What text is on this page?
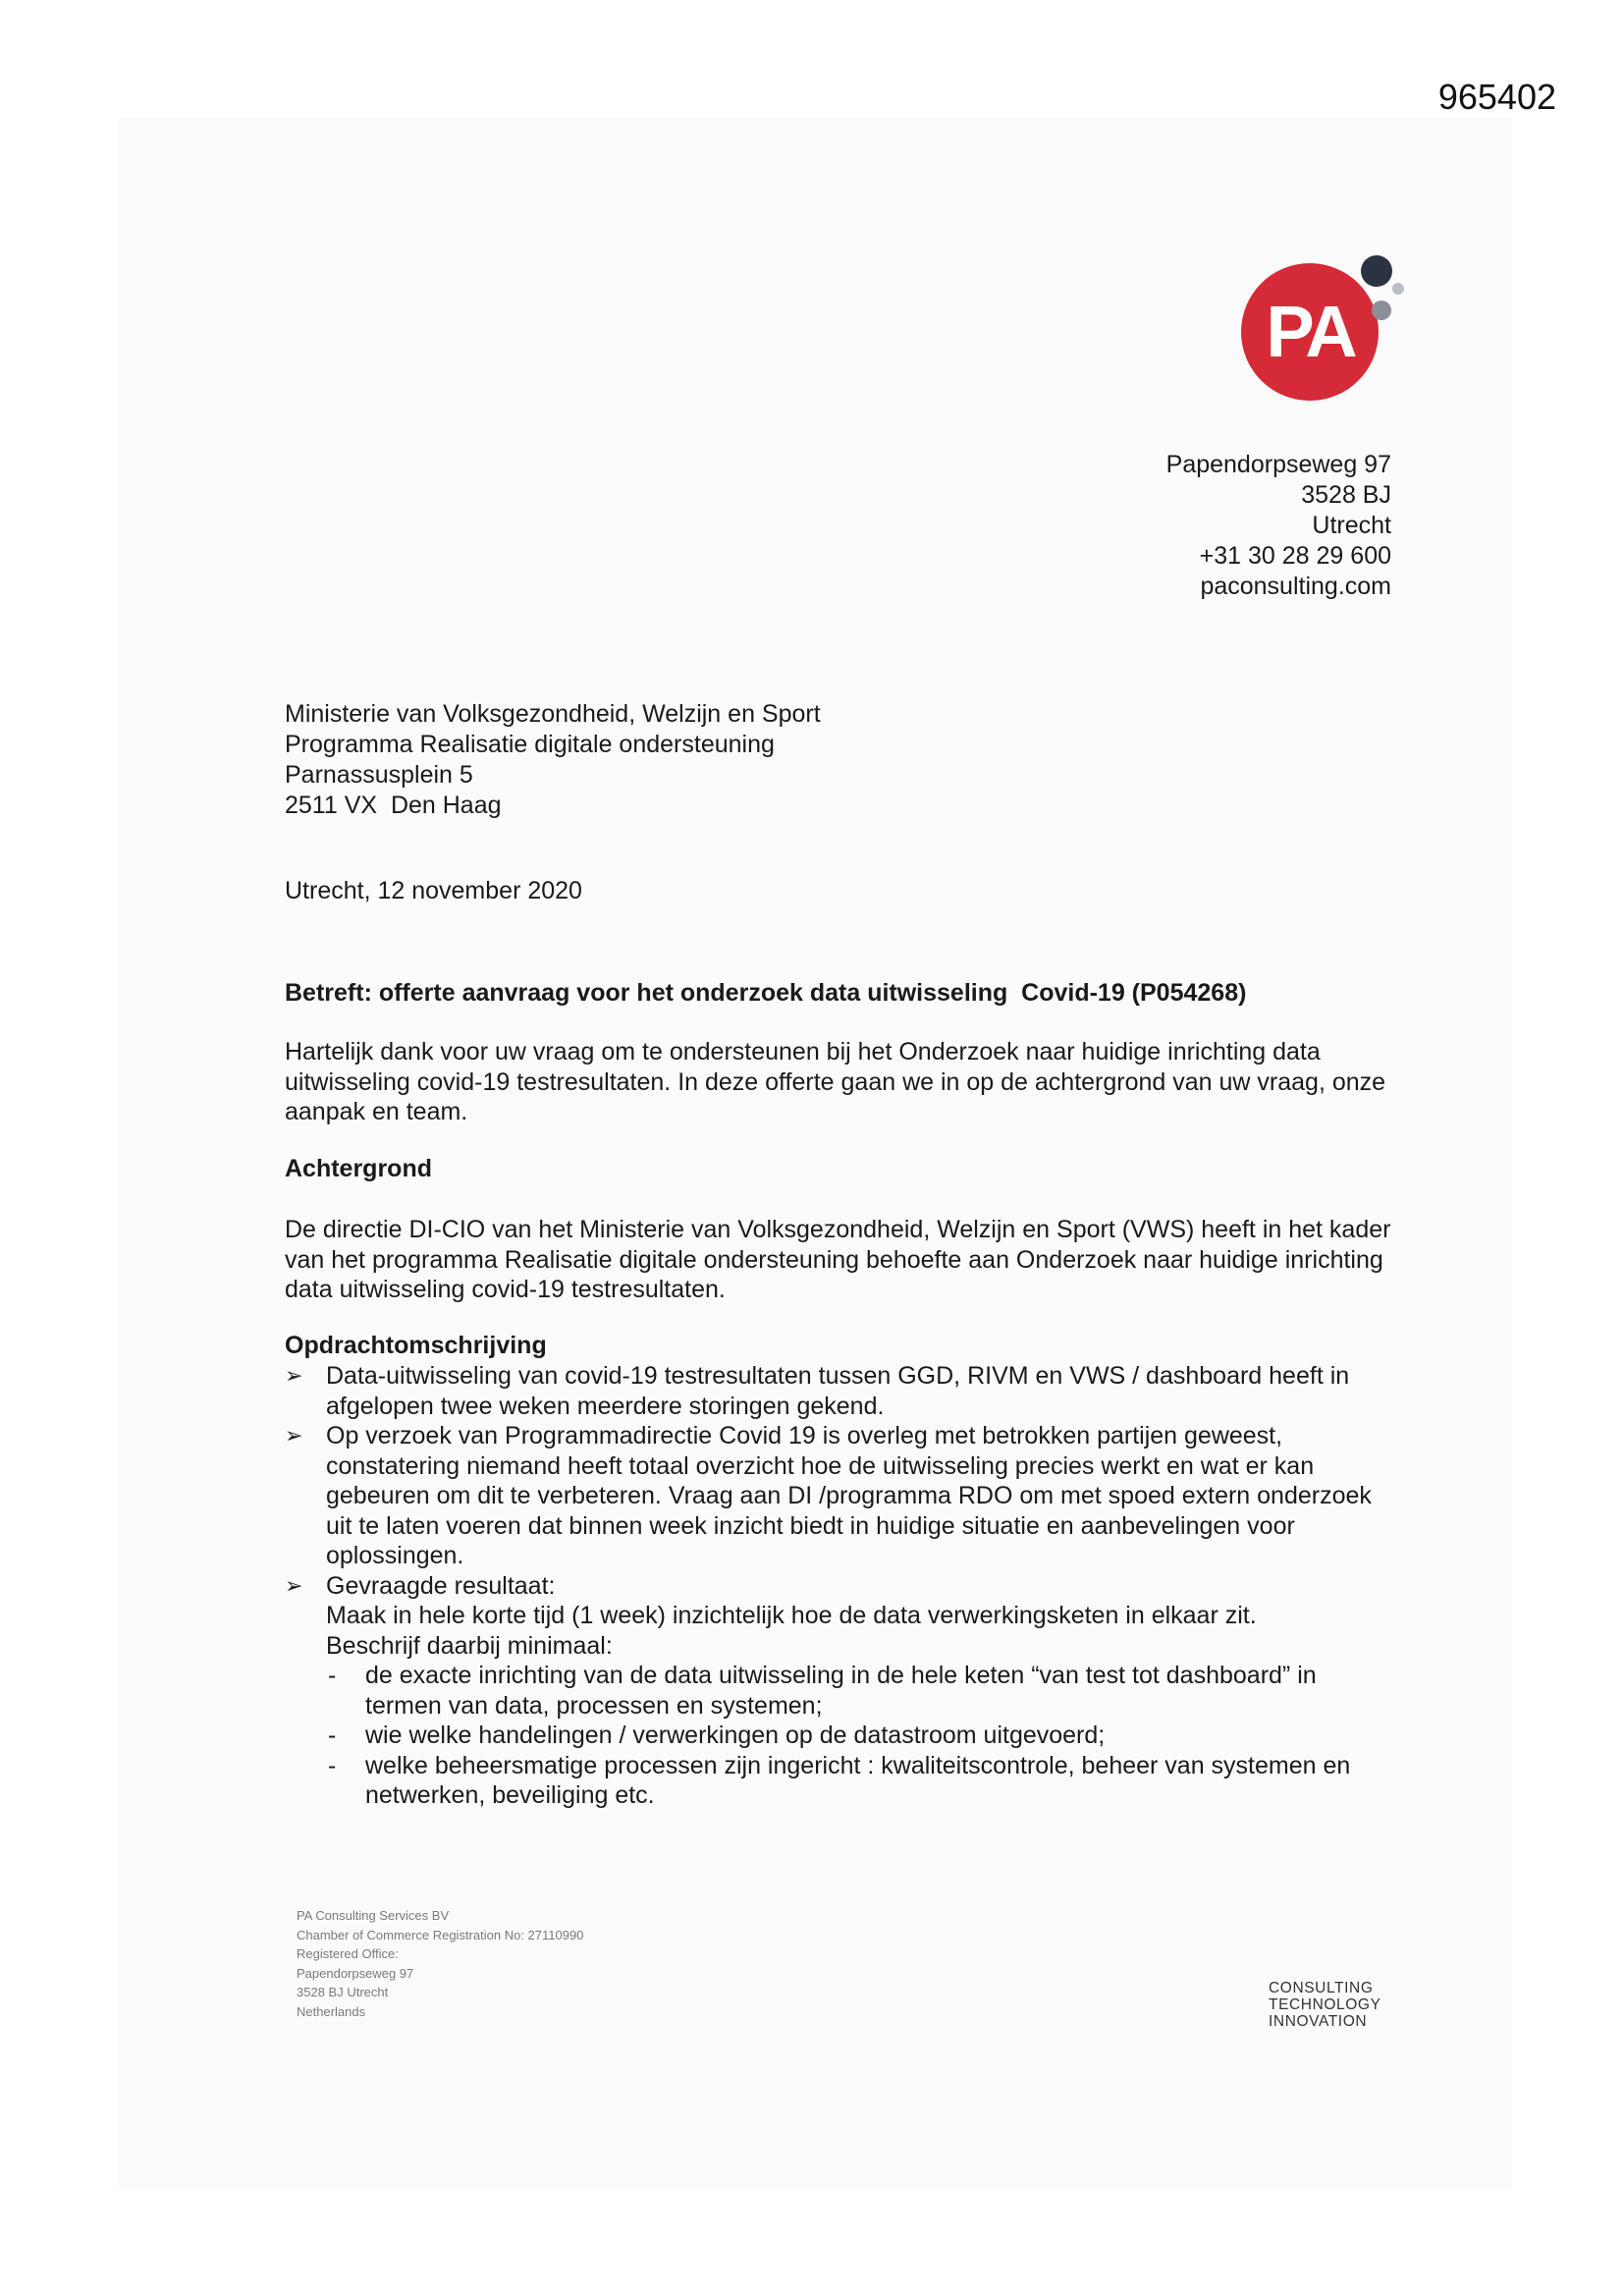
965402
PA
Papendorpseweg 97
3528 BJ
Utrecht
+31 30 28 29 600
paconsulting.com
Ministerie van Volksgezondheid, Welzijn en Sport
Programma Realisatie digitale ondersteuning
Parnassusplein 5
2511 VX  Den Haag
Utrecht, 12 november 2020
Betreft: offerte aanvraag voor het onderzoek data uitwisseling  Covid-19 (P054268)
Hartelijk dank voor uw vraag om te ondersteunen bij het Onderzoek naar huidige inrichting data uitwisseling covid-19 testresultaten. In deze offerte gaan we in op de achtergrond van uw vraag, onze aanpak en team.
Achtergrond
De directie DI-CIO van het Ministerie van Volksgezondheid, Welzijn en Sport (VWS) heeft in het kader van het programma Realisatie digitale ondersteuning behoefte aan Onderzoek naar huidige inrichting data uitwisseling covid-19 testresultaten.
Opdrachtomschrijving
➢ Data-uitwisseling van covid-19 testresultaten tussen GGD, RIVM en VWS / dashboard heeft in afgelopen twee weken meerdere storingen gekend.
➢ Op verzoek van Programmadirectie Covid 19 is overleg met betrokken partijen geweest, constatering niemand heeft totaal overzicht hoe de uitwisseling precies werkt en wat er kan gebeuren om dit te verbeteren. Vraag aan DI /programma RDO om met spoed extern onderzoek uit te laten voeren dat binnen week inzicht biedt in huidige situatie en aanbevelingen voor oplossingen.
➢ Gevraagde resultaat:
Maak in hele korte tijd (1 week) inzichtelijk hoe de data verwerkingsketen in elkaar zit.
Beschrijf daarbij minimaal:
- de exacte inrichting van de data uitwisseling in de hele keten “van test tot dashboard” in termen van data, processen en systemen;
- wie welke handelingen / verwerkingen op de datastroom uitgevoerd;
- welke beheersmatige processen zijn ingericht : kwaliteitscontrole, beheer van systemen en netwerken, beveiliging etc.
PA Consulting Services BV
Chamber of Commerce Registration No: 27110990
Registered Office:
Papendorpseweg 97
3528 BJ Utrecht
Netherlands
CONSULTING
TECHNOLOGY
INNOVATION
